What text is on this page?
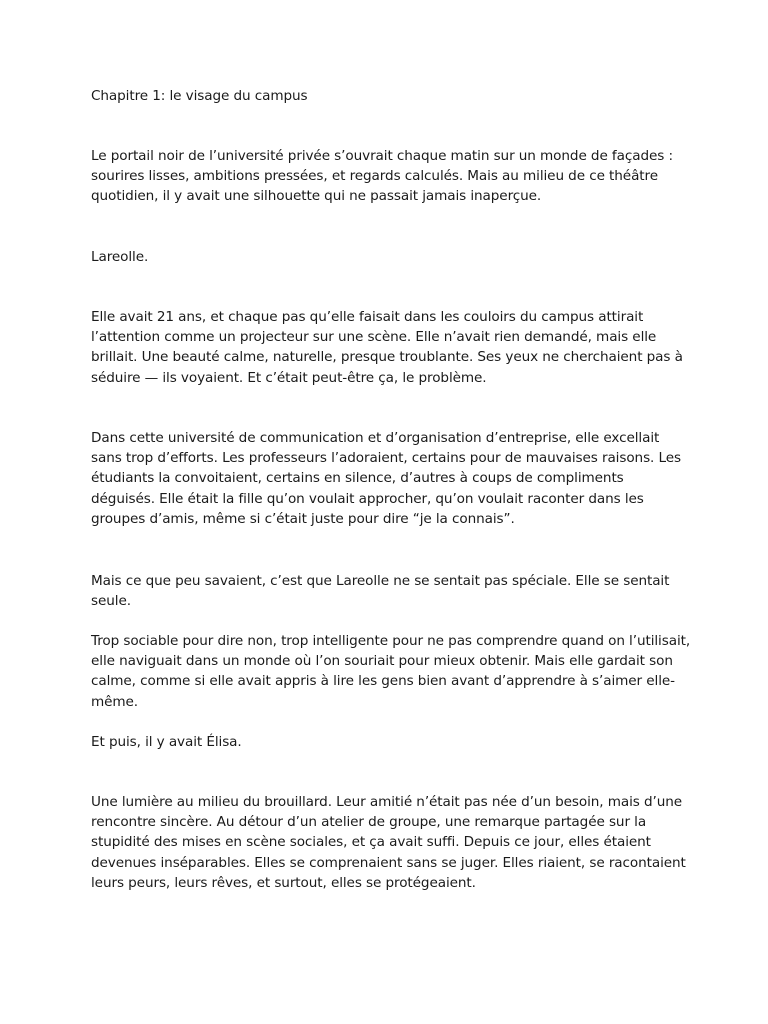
Chapitre 1: le visage du campus

Le portail noir de l’université privée s’ouvrait chaque matin sur un monde de façades : sourires lisses, ambitions pressées, et regards calculés. Mais au milieu de ce théâtre quotidien, il y avait une silhouette qui ne passait jamais inaperçue.

Lareolle.

Elle avait 21 ans, et chaque pas qu’elle faisait dans les couloirs du campus attirait l’attention comme un projecteur sur une scène. Elle n’avait rien demandé, mais elle brillait. Une beauté calme, naturelle, presque troublante. Ses yeux ne cherchaient pas à séduire — ils voyaient. Et c’était peut-être ça, le problème.

Dans cette université de communication et d’organisation d’entreprise, elle excellait sans trop d’efforts. Les professeurs l’adoraient, certains pour de mauvaises raisons. Les étudiants la convoitaient, certains en silence, d’autres à coups de compliments déguisés. Elle était la fille qu’on voulait approcher, qu’on voulait raconter dans les groupes d’amis, même si c’était juste pour dire “je la connais”.

Mais ce que peu savaient, c’est que Lareolle ne se sentait pas spéciale. Elle se sentait seule.

Trop sociable pour dire non, trop intelligente pour ne pas comprendre quand on l’utilisait, elle naviguait dans un monde où l’on souriait pour mieux obtenir. Mais elle gardait son calme, comme si elle avait appris à lire les gens bien avant d’apprendre à s’aimer elle-même.

Et puis, il y avait Élisa.

Une lumière au milieu du brouillard. Leur amitié n’était pas née d’un besoin, mais d’une rencontre sincère. Au détour d’un atelier de groupe, une remarque partagée sur la stupidité des mises en scène sociales, et ça avait suffi. Depuis ce jour, elles étaient devenues inséparables. Elles se comprenaient sans se juger. Elles riaient, se racontaient leurs peurs, leurs rêves, et surtout, elles se protégeaient.
